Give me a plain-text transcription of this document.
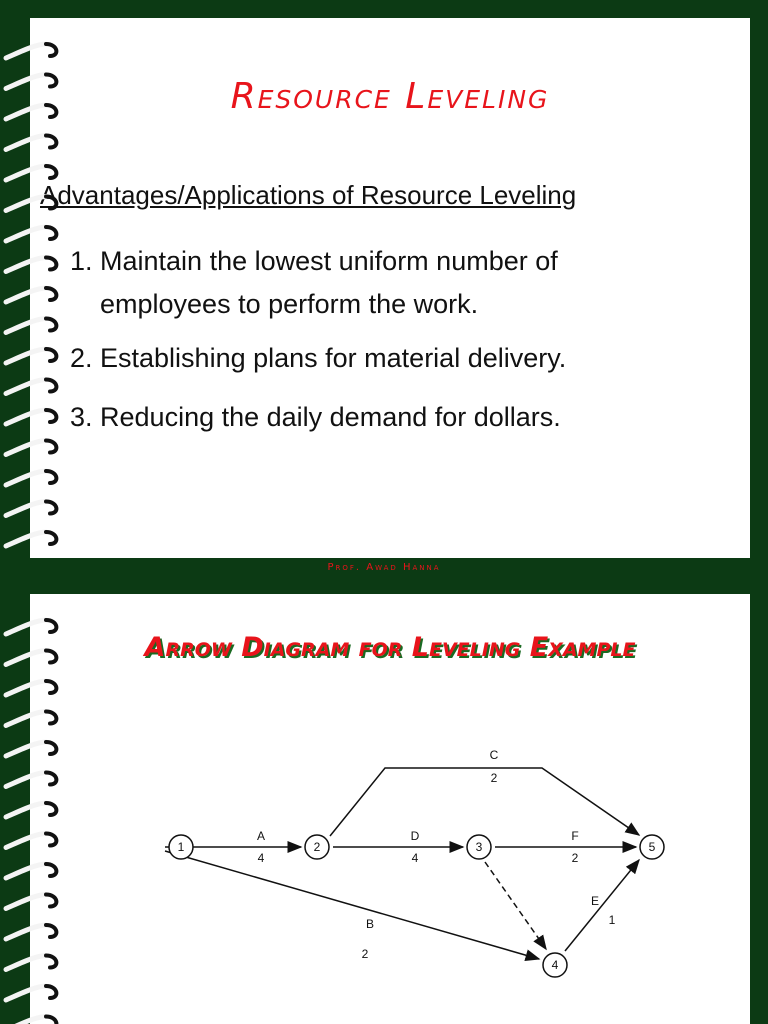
Resource Leveling
Advantages/Applications of Resource Leveling

1. Maintain the lowest uniform number of
employees to perform the work.

2. Establishing plans for material delivery.

3. Reducing the daily demand for dollars.

Prof. Awad Hanna
Arrow Diagram for Leveling Example
1	2	3
4
5
A
4
B
2
C
2
D
4
E
1
F
2
